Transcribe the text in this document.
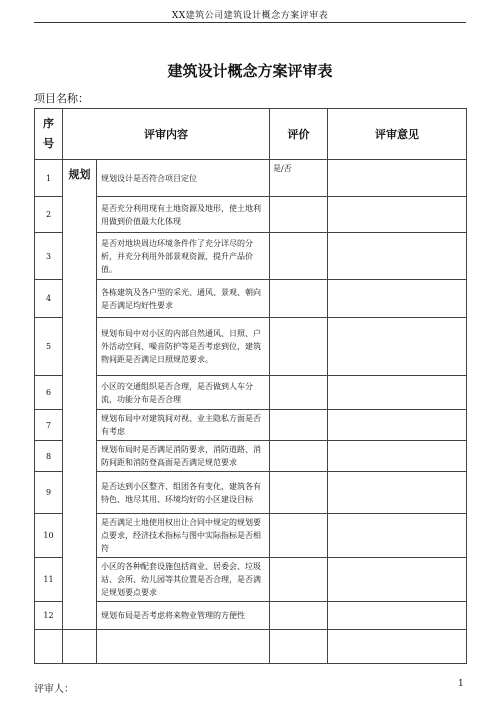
XX建筑公司建筑设计概念方案评审表
建筑设计概念方案评审表
项目名称：
序
号	评审内容		评价	评审意见
1	规划	规划设计是否符合项目定位	是/否	
2		是否充分利用现有土地资源及地形，使土地利用做到价值最大化体现		
3		是否对地块周边环境条件作了充分详尽的分析，并充分利用外部景观资源，提升产品价值。		
4		各栋建筑及各户型的采光、通风、景观、朝向是否满足均好性要求		
5		规划布局中对小区的内部自然通风、日照、户外活动空间、噪音防护等是否考虑到位，建筑物间距是否满足日照规范要求。		
6		小区的交通组织是否合理，是否做到人车分流，功能分布是否合理		
7		规划布局中对建筑间对视、业主隐私方面是否有考虑		
8		规划布局时是否满足消防要求，消防道路、消防间距和消防登高面是否满足规范要求		
9		是否达到小区整齐、组团各有变化，建筑各有特色、地尽其用、环境均好的小区建设目标		
10		是否满足土地使用权出让合同中规定的规划要点要求，经济技术指标与图中实际指标是否相符		
11		小区的各种配套设施包括商业、居委会、垃圾站、会所、幼儿园等其位置是否合理，是否满足规划要点要求		
12		规划布局是否考虑将来物业管理的方便性		

评审人：	1
